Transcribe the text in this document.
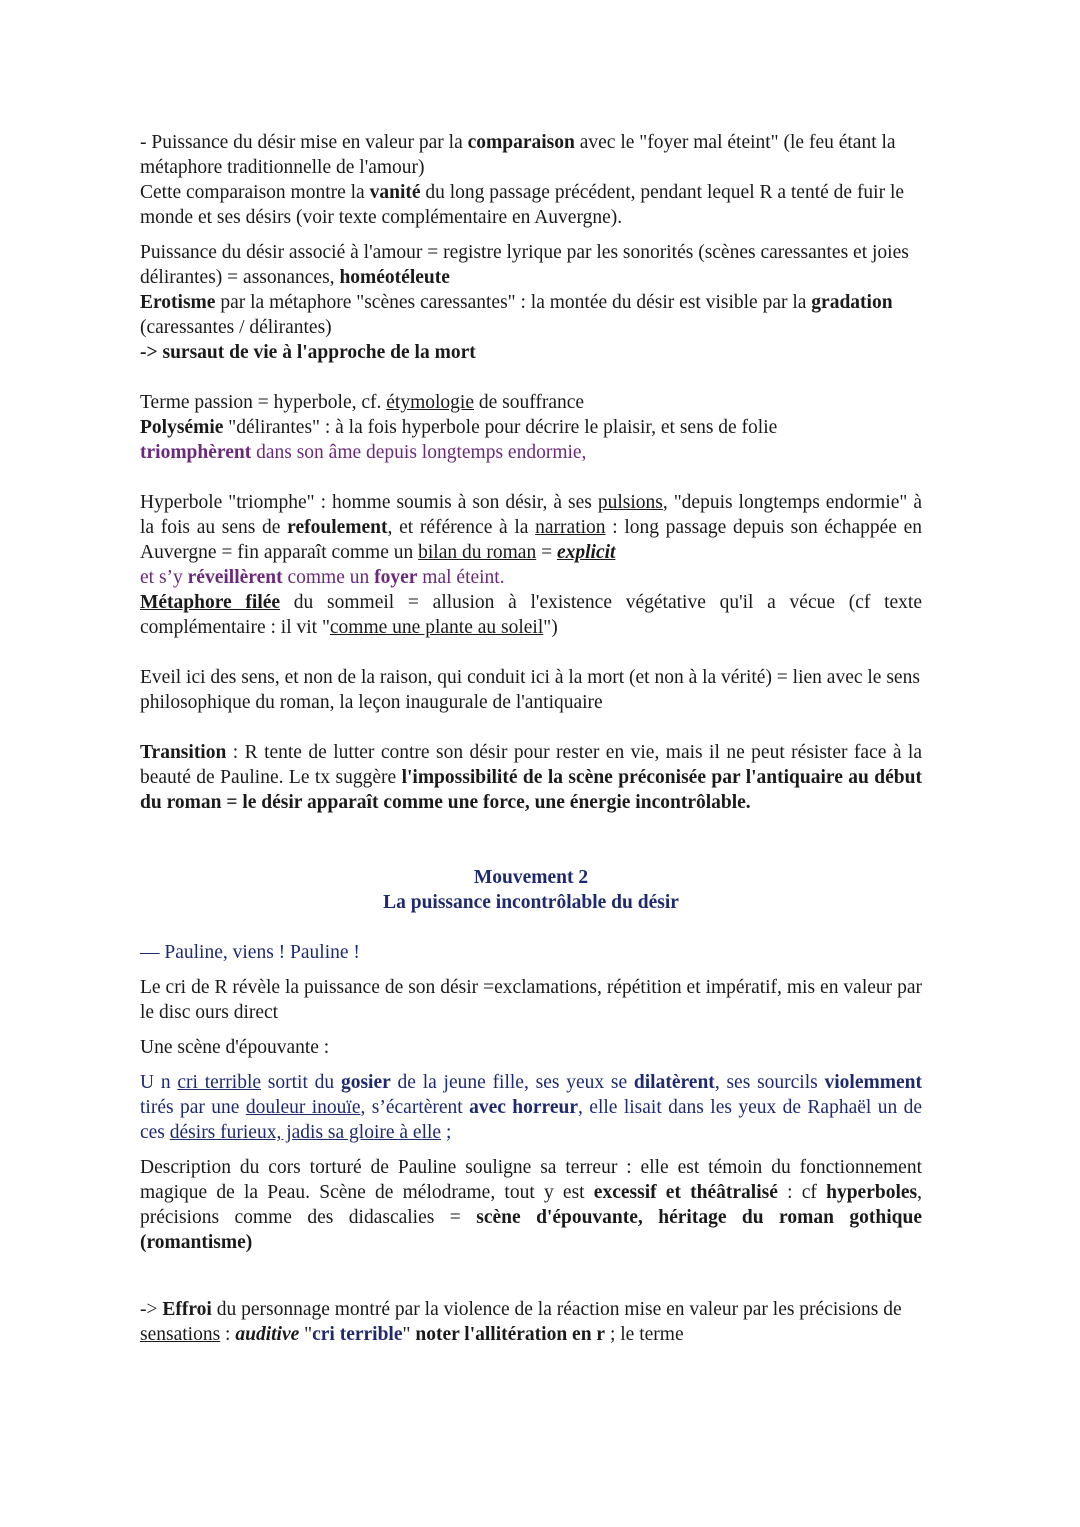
- Puissance du désir mise en valeur par la comparaison avec le "foyer mal éteint" (le feu étant la métaphore traditionnelle de l'amour)
Cette comparaison montre la vanité du long passage précédent, pendant lequel R a tenté de fuir le monde et ses désirs (voir texte complémentaire en Auvergne).

Puissance du désir associé à l'amour = registre lyrique par les sonorités (scènes caressantes et joies délirantes) = assonances, homéotéleute
Erotisme par la métaphore "scènes caressantes" : la montée du désir est visible par la gradation (caressantes / délirantes)
-> sursaut de vie à l'approche de la mort

Terme passion = hyperbole, cf. étymologie de souffrance
Polysémie "délirantes" : à la fois hyperbole pour décrire le plaisir, et sens de folie
triomphèrent dans son âme depuis longtemps endormie,

Hyperbole "triomphe" : homme soumis à son désir, à ses pulsions, "depuis longtemps endormie" à la fois au sens de refoulement, et référence à la narration : long passage depuis son échappée en Auvergne = fin apparaît comme un bilan du roman = explicit

et s’y réveillèrent comme un foyer mal éteint.

Métaphore filée du sommeil = allusion à l'existence végétative qu'il a vécue (cf texte complémentaire : il vit "comme une plante au soleil")

Eveil ici des sens, et non de la raison, qui conduit ici à la mort (et non à la vérité) = lien avec le sens philosophique du roman, la leçon inaugurale de l'antiquaire

Transition : R tente de lutter contre son désir pour rester en vie, mais il ne peut résister face à la beauté de Pauline. Le tx suggère l'impossibilité de la scène préconisée par l'antiquaire au début du roman = le désir apparaît comme une force, une énergie incontrôlable.

Mouvement 2
La puissance incontrôlable du désir

— Pauline, viens ! Pauline !

Le cri de R révèle la puissance de son désir =exclamations, répétition et impératif, mis en valeur par le disc ours direct

Une scène d'épouvante :

U n cri terrible sortit du gosier de la jeune fille, ses yeux se dilatèrent, ses sourcils violemment tirés par une douleur inouïe, s’écartèrent avec horreur, elle lisait dans les yeux de Raphaël un de ces désirs furieux, jadis sa gloire à elle ;

Description du cors torturé de Pauline souligne sa terreur : elle est témoin du fonctionnement magique de la Peau. Scène de mélodrame, tout y est excessif et théâtralisé : cf hyperboles, précisions comme des didascalies = scène d'épouvante, héritage du roman gothique (romantisme)

-> Effroi du personnage montré par la violence de la réaction mise en valeur par les précisions de sensations : auditive "cri terrible" noter l'allitération en r ; le terme
